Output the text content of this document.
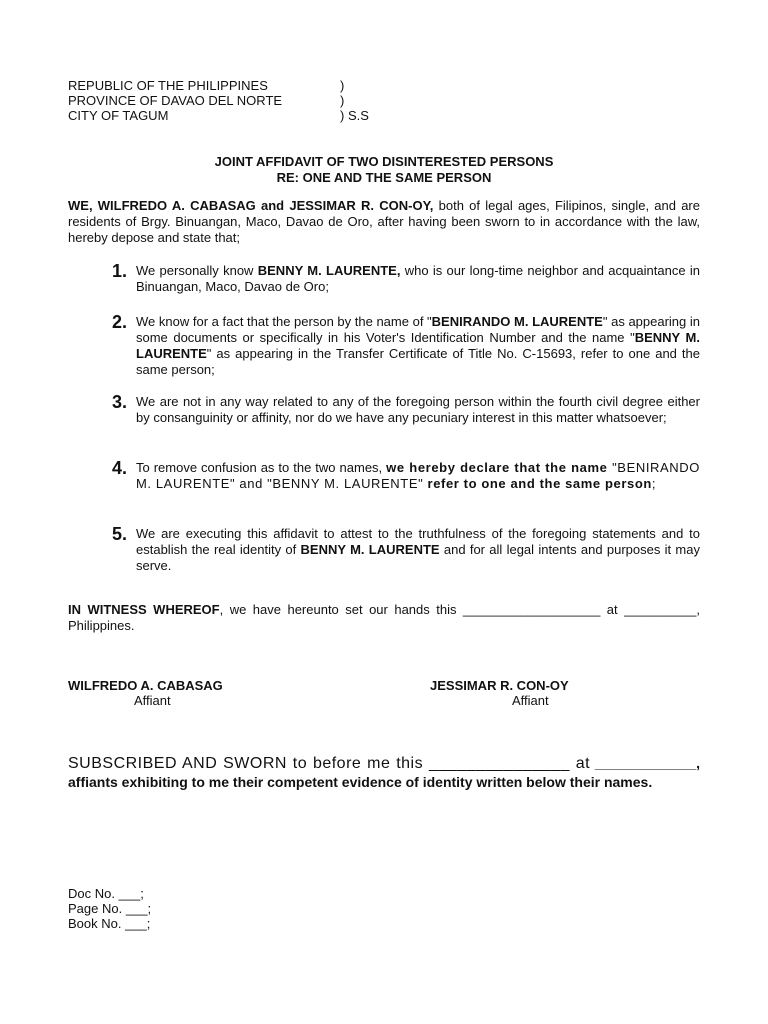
REPUBLIC OF THE PHILIPPINES	)
PROVINCE OF DAVAO DEL NORTE	)
CITY OF TAGUM	) S.S
JOINT AFFIDAVIT OF TWO DISINTERESTED PERSONS
RE: ONE AND THE SAME PERSON
WE, WILFREDO A. CABASAG and JESSIMAR R. CON-OY, both of legal ages, Filipinos, single, and are residents of Brgy. Binuangan, Maco, Davao de Oro, after having been sworn to in accordance with the law, hereby depose and state that;
1. We personally know BENNY M. LAURENTE, who is our long-time neighbor and acquaintance in Binuangan, Maco, Davao de Oro;
2. We know for a fact that the person by the name of "BENIRANDO M. LAURENTE" as appearing in some documents or specifically in his Voter's Identification Number and the name "BENNY M. LAURENTE" as appearing in the Transfer Certificate of Title No. C-15693, refer to one and the same person;
3. We are not in any way related to any of the foregoing person within the fourth civil degree either by consanguinity or affinity, nor do we have any pecuniary interest in this matter whatsoever;
4. To remove confusion as to the two names, we hereby declare that the name "BENIRANDO M. LAURENTE" and "BENNY M. LAURENTE" refer to one and the same person;
5. We are executing this affidavit to attest to the truthfulness of the foregoing statements and to establish the real identity of BENNY M. LAURENTE and for all legal intents and purposes it may serve.
IN WITNESS WHEREOF, we have hereunto set our hands this ___________________ at __________, Philippines.
WILFREDO A. CABASAG
Affiant
JESSIMAR R. CON-OY
Affiant
SUBSCRIBED AND SWORN to before me this _______________ at _____________, affiants exhibiting to me their competent evidence of identity written below their names.
Doc No. ___;
Page No. ___;
Book No. ___;
